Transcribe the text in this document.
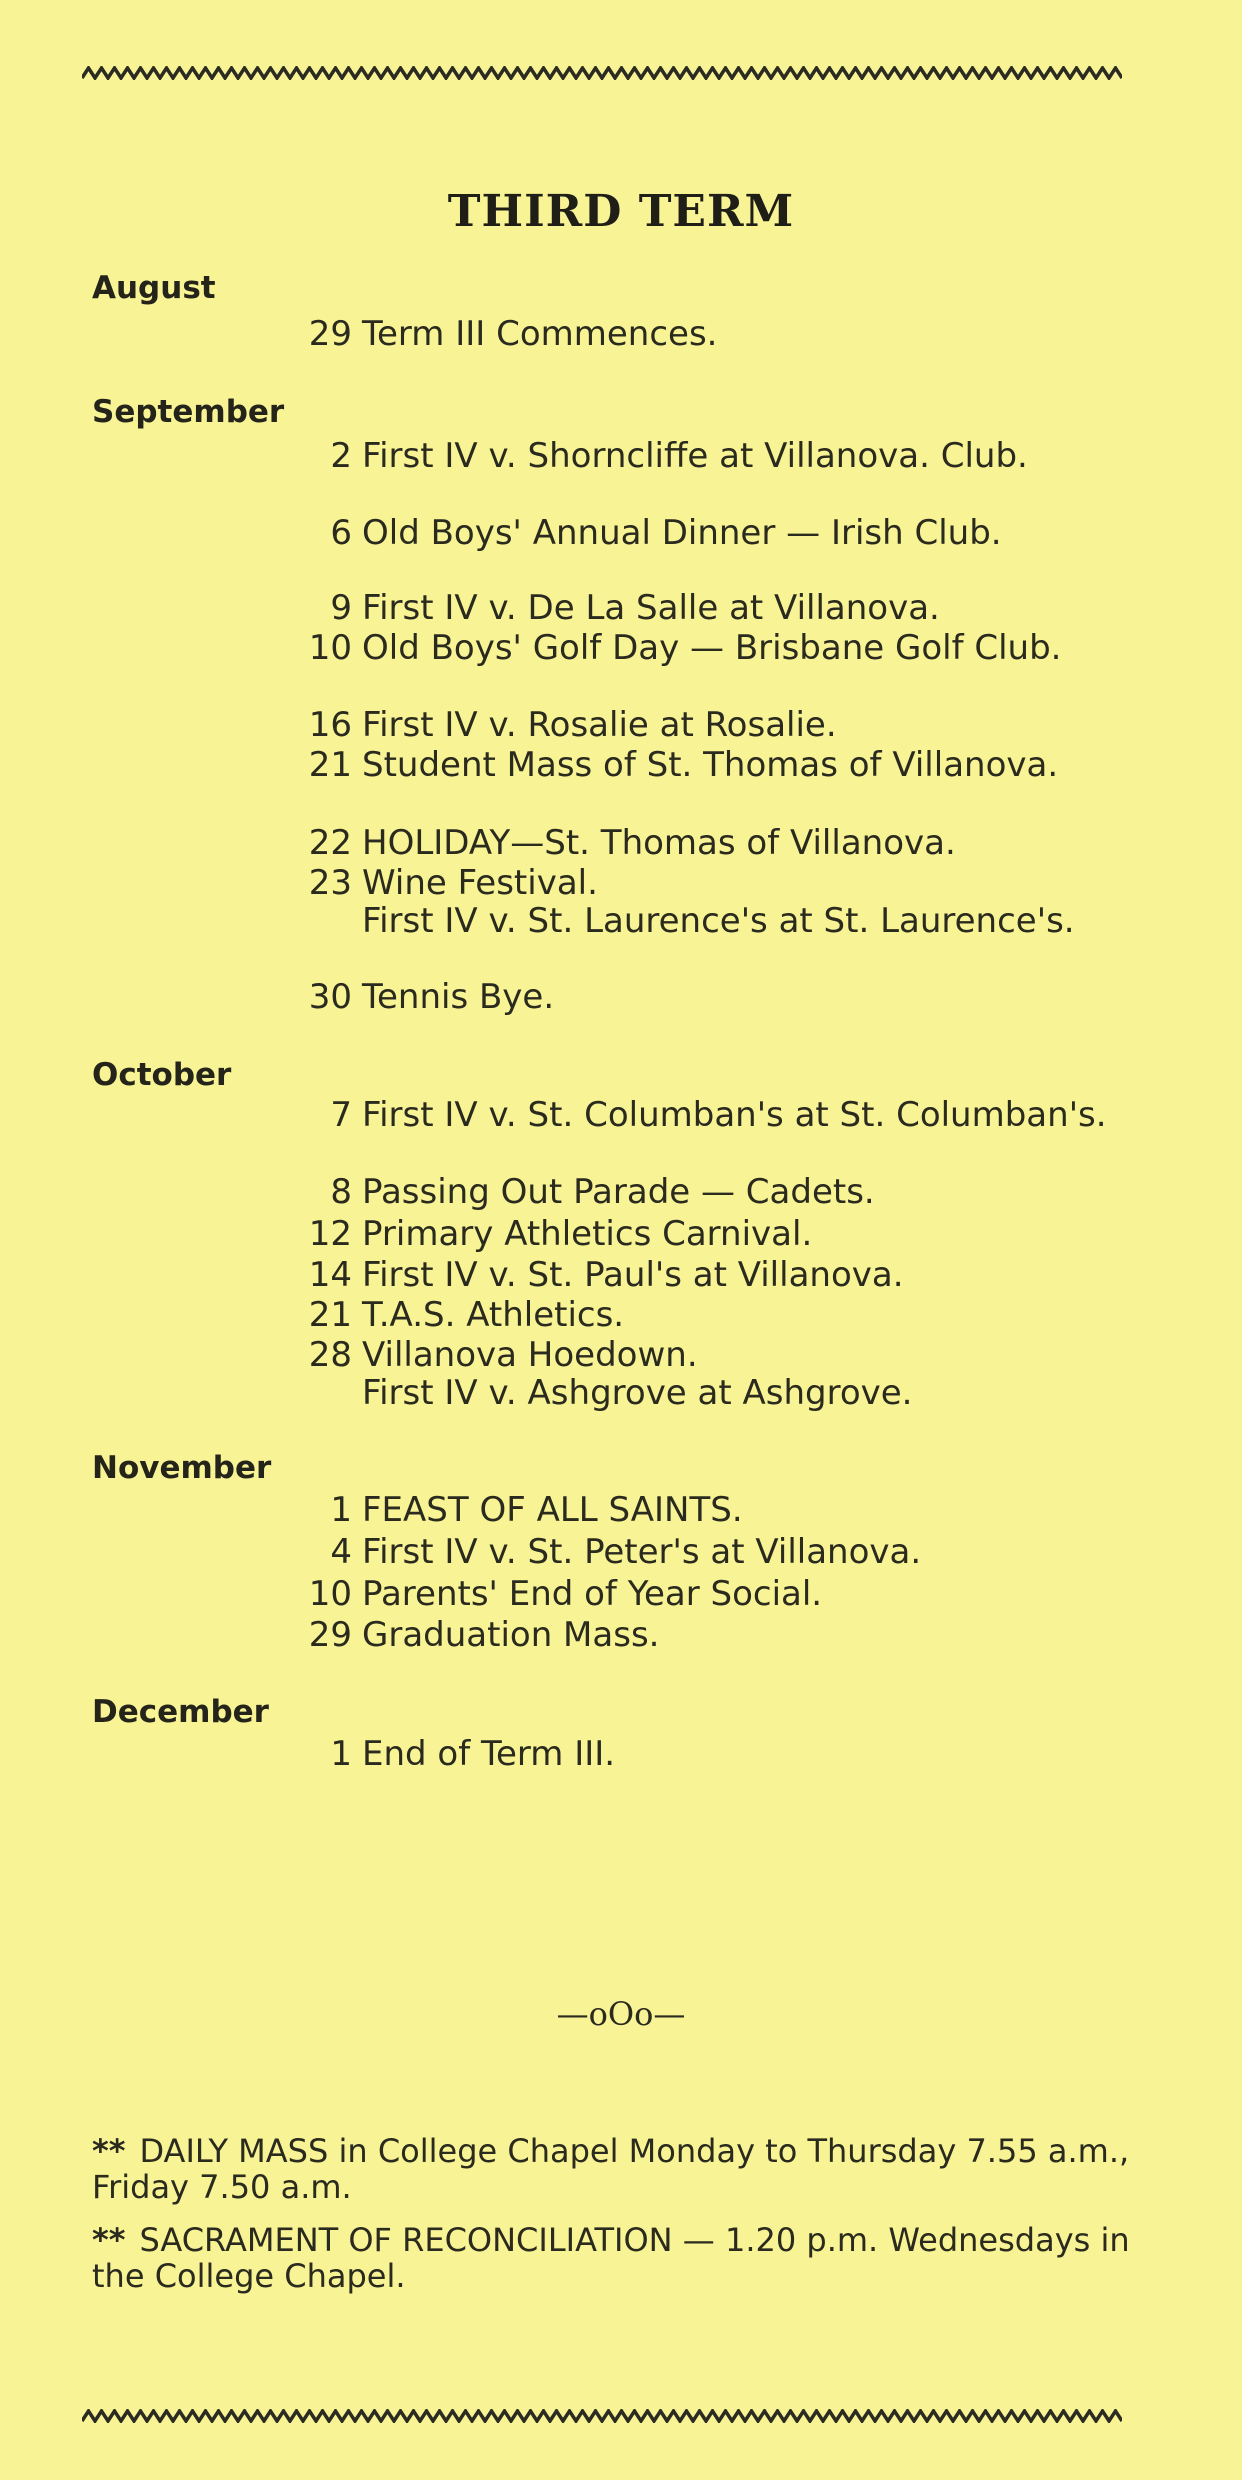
THIRD TERM
August
29 Term III Commences.
September
2 First IV v. Shorncliffe at Villanova. Club.
6 Old Boys' Annual Dinner — Irish Club.
9 First IV v. De La Salle at Villanova.
10 Old Boys' Golf Day — Brisbane Golf Club.
16 First IV v. Rosalie at Rosalie.
21 Student Mass of St. Thomas of Villanova.
22 HOLIDAY—St. Thomas of Villanova.
23 Wine Festival.
First IV v. St. Laurence's at St. Laurence's.
30 Tennis Bye.
October
7 First IV v. St. Columban's at St. Columban's.
8 Passing Out Parade — Cadets.
12 Primary Athletics Carnival.
14 First IV v. St. Paul's at Villanova.
21 T.A.S. Athletics.
28 Villanova Hoedown.
First IV v. Ashgrove at Ashgrove.
November
1 FEAST OF ALL SAINTS.
4 First IV v. St. Peter's at Villanova.
10 Parents' End of Year Social.
29 Graduation Mass.
December
1 End of Term III.
—oOo—
** DAILY MASS in College Chapel Monday to Thursday 7.55 a.m., Friday 7.50 a.m.
** SACRAMENT OF RECONCILIATION — 1.20 p.m. Wednesdays in the College Chapel.
